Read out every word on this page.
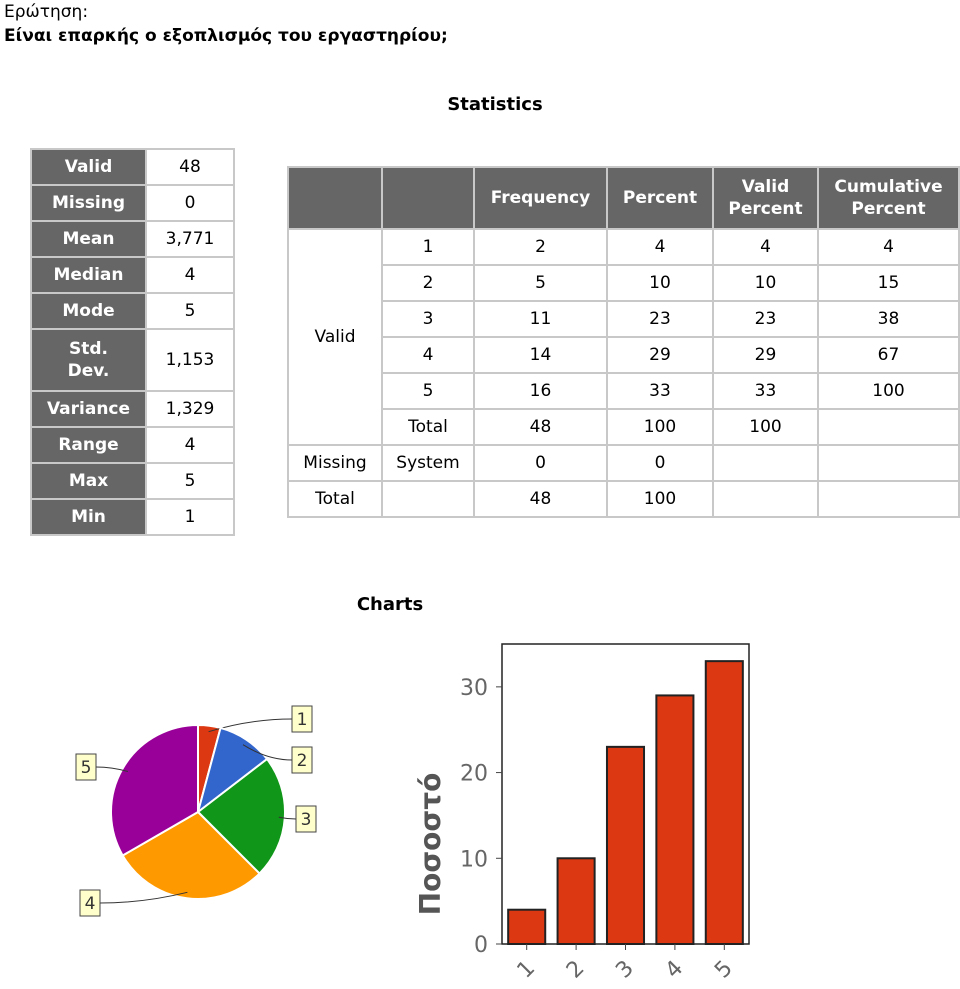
Ερώτηση:
Είναι επαρκής ο εξοπλισμός του εργαστηρίου;
Statistics
Valid	48
Missing	0
Mean	3,771
Median	4
Mode	5
Std. Dev.	1,153
Variance	1,329
Range	4
Max	5
Min	1
		Frequency	Percent	Valid Percent	Cumulative Percent
Valid	1	2	4	4	4
	2	5	10	10	15
	3	11	23	23	38
	4	14	29	29	67
	5	16	33	33	100
	Total	48	100	100	
Missing	System	0	0		
Total		48	100		
Charts
1
2
3
4
5
0
10
20
30
1 2 3 4 5
Ποσοστό
